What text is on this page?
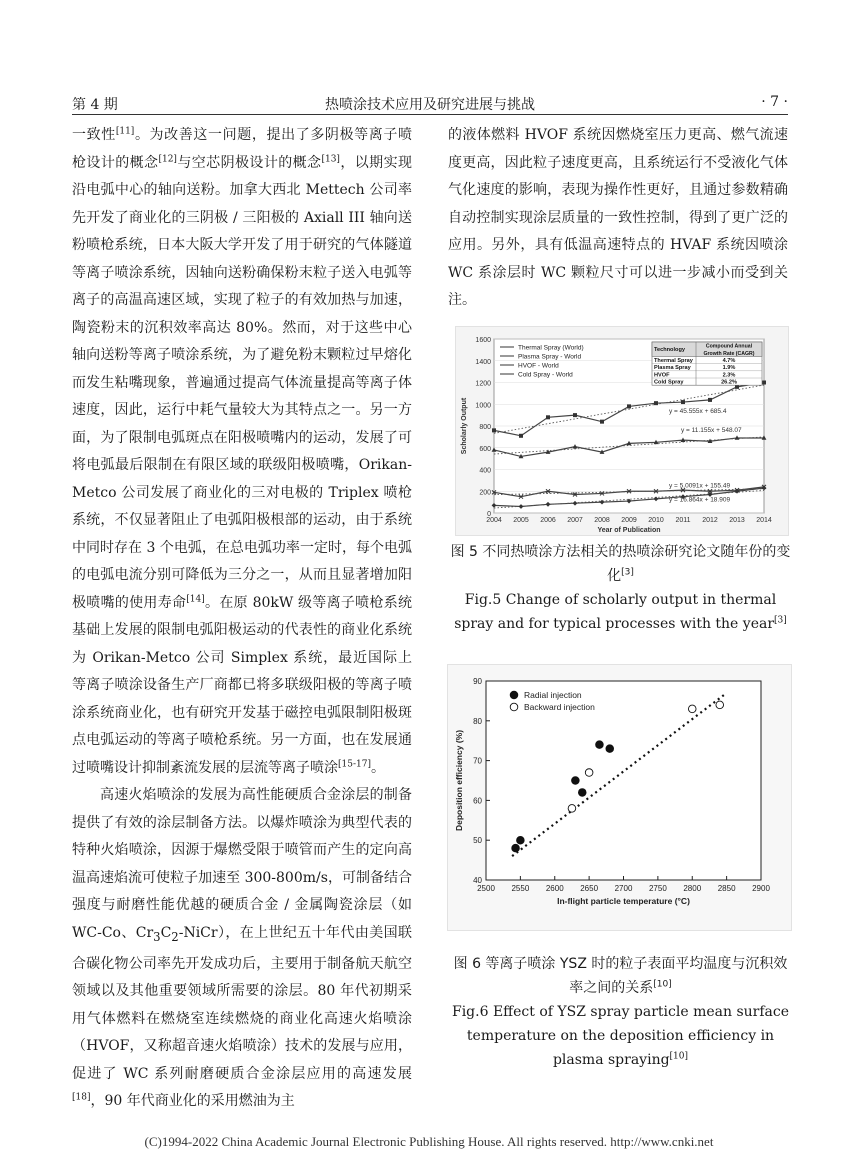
第 4 期	热喷涂技术应用及研究进展与挑战	· 7 ·

一致性[11]。为改善这一问题，提出了多阴极等离子喷枪设计的概念[12]与空芯阴极设计的概念[13]，以期实现沿电弧中心的轴向送粉。加拿大西北 Mettech 公司率先开发了商业化的三阴极 / 三阳极的 Axiall III 轴向送粉喷枪系统，日本大阪大学开发了用于研究的气体隧道等离子喷涂系统，因轴向送粉确保粉末粒子送入电弧等离子的高温高速区域，实现了粒子的有效加热与加速，陶瓷粉末的沉积效率高达 80%。然而，对于这些中心轴向送粉等离子喷涂系统，为了避免粉末颗粒过早熔化而发生粘嘴现象，普遍通过提高气体流量提高等离子体速度，因此，运行中耗气量较大为其特点之一。另一方面，为了限制电弧斑点在阳极喷嘴内的运动，发展了可将电弧最后限制在有限区域的联级阳极喷嘴，Orikan-Metco 公司发展了商业化的三对电极的 Triplex 喷枪系统，不仅显著阻止了电弧阳极根部的运动，由于系统中同时存在 3 个电弧，在总电弧功率一定时，每个电弧的电弧电流分别可降低为三分之一，从而且显著增加阳极喷嘴的使用寿命[14]。在原 80kW 级等离子喷枪系统基础上发展的限制电弧阳极运动的代表性的商业化系统为 Orikan-Metco 公司 Simplex 系统，最近国际上等离子喷涂设备生产厂商都已将多联级阳极的等离子喷涂系统商业化，也有研究开发基于磁控电弧限制阳极斑点电弧运动的等离子喷枪系统。另一方面，也在发展通过喷嘴设计抑制紊流发展的层流等离子喷涂[15-17]。

高速火焰喷涂的发展为高性能硬质合金涂层的制备提供了有效的涂层制备方法。以爆炸喷涂为典型代表的特种火焰喷涂，因源于爆燃受限于喷管而产生的定向高温高速焰流可使粒子加速至 300-800m/s，可制备结合强度与耐磨性能优越的硬质合金 / 金属陶瓷涂层（如 WC-Co、$Cr_3C_2-NiCr$），在上世纪五十年代由美国联合碳化物公司率先开发成功后，主要用于制备航天航空领域以及其他重要领域所需要的涂层。80 年代初期采用气体燃料在燃烧室连续燃烧的商业化高速火焰喷涂（HVOF，又称超音速火焰喷涂）技术的发展与应用，促进了 WC 系列耐磨硬质合金涂层应用的高速发展[18]，90 年代商业化的采用燃油为主

的液体燃料 HVOF 系统因燃烧室压力更高、燃气流速度更高，因此粒子速度更高，且系统运行不受液化气体气化速度的影响，表现为操作性更好，且通过参数精确自动控制实现涂层质量的一致性控制，得到了更广泛的应用。另外，具有低温高速特点的 HVAF 系统因喷涂 WC 系涂层时 WC 颗粒尺寸可以进一步减小而受到关注。

0
200
400
600
800
1000
1200
1400
1600
2004 2005 2006 2007 2008 2009 2010 2011 2012 2013 2014
Year of Publication
Scholarly Output	y = 45.555x + 685.4
y = 11.155x + 548.07
y = 5.0091x + 155.49
y = 16.864x + 18.909
Thermal Spray (World)
Plasma Spray - World
HVOF - World
Cold Spray - World
Technology
Compound Annual
Growth Rate (CAGR)
Thermal Spray	4.7%
Plasma Spray	1.9%
HVOF	2.3%
Cold Spray	26.2%
图 5 不同热喷涂方法相关的热喷涂研究论文随年份的变化[3]
Fig.5 Change of scholarly output in thermal spray and for typical processes with the year[3]
40
50
60
70
80
90
2500 2550 2600 2650 2700 2750 2800 2850 2900
In-flight particle temperature (°C)
Deposition efficiency (%)
Radial injection
Backward injection
图 6 等离子喷涂 YSZ 时的粒子表面平均温度与沉积效率之间的关系[10]
Fig.6 Effect of YSZ spray particle mean surface temperature on the deposition efficiency in plasma spraying[10]
(C)1994-2022 China Academic Journal Electronic Publishing House. All rights reserved. http://www.cnki.net
